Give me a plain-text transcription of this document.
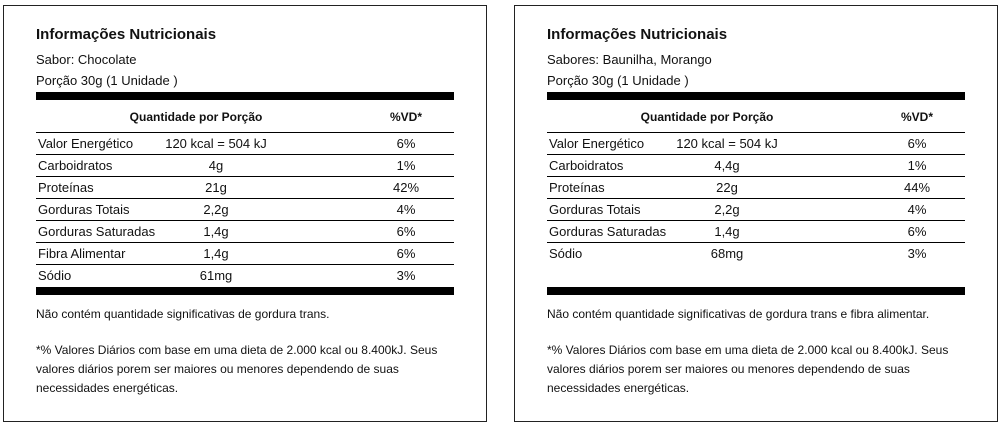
Informações Nutricionais
Sabor: Chocolate
Porção 30g (1 Unidade )
Quantidade por Porção	%VD*
Valor Energético	120 kcal = 504 kJ	6%
Carboidratos	4g	1%
Proteínas	21g	42%
Gorduras Totais	2,2g	4%
Gorduras Saturadas	1,4g	6%
Fibra Alimentar	1,4g	6%
Sódio	61mg	3%
Não contém quantidade significativas de gordura trans.
*% Valores Diários com base em uma dieta de 2.000 kcal ou 8.400kJ. Seus
valores diários porem ser maiores ou menores dependendo de suas
necessidades energéticas.
Informações Nutricionais
Sabores: Baunilha, Morango
Porção 30g (1 Unidade )
Quantidade por Porção	%VD*
Valor Energético	120 kcal = 504 kJ	6%
Carboidratos	4,4g	1%
Proteínas	22g	44%
Gorduras Totais	2,2g	4%
Gorduras Saturadas	1,4g	6%
Sódio	68mg	3%
Não contém quantidade significativas de gordura trans e fibra alimentar.
*% Valores Diários com base em uma dieta de 2.000 kcal ou 8.400kJ. Seus
valores diários porem ser maiores ou menores dependendo de suas
necessidades energéticas.
